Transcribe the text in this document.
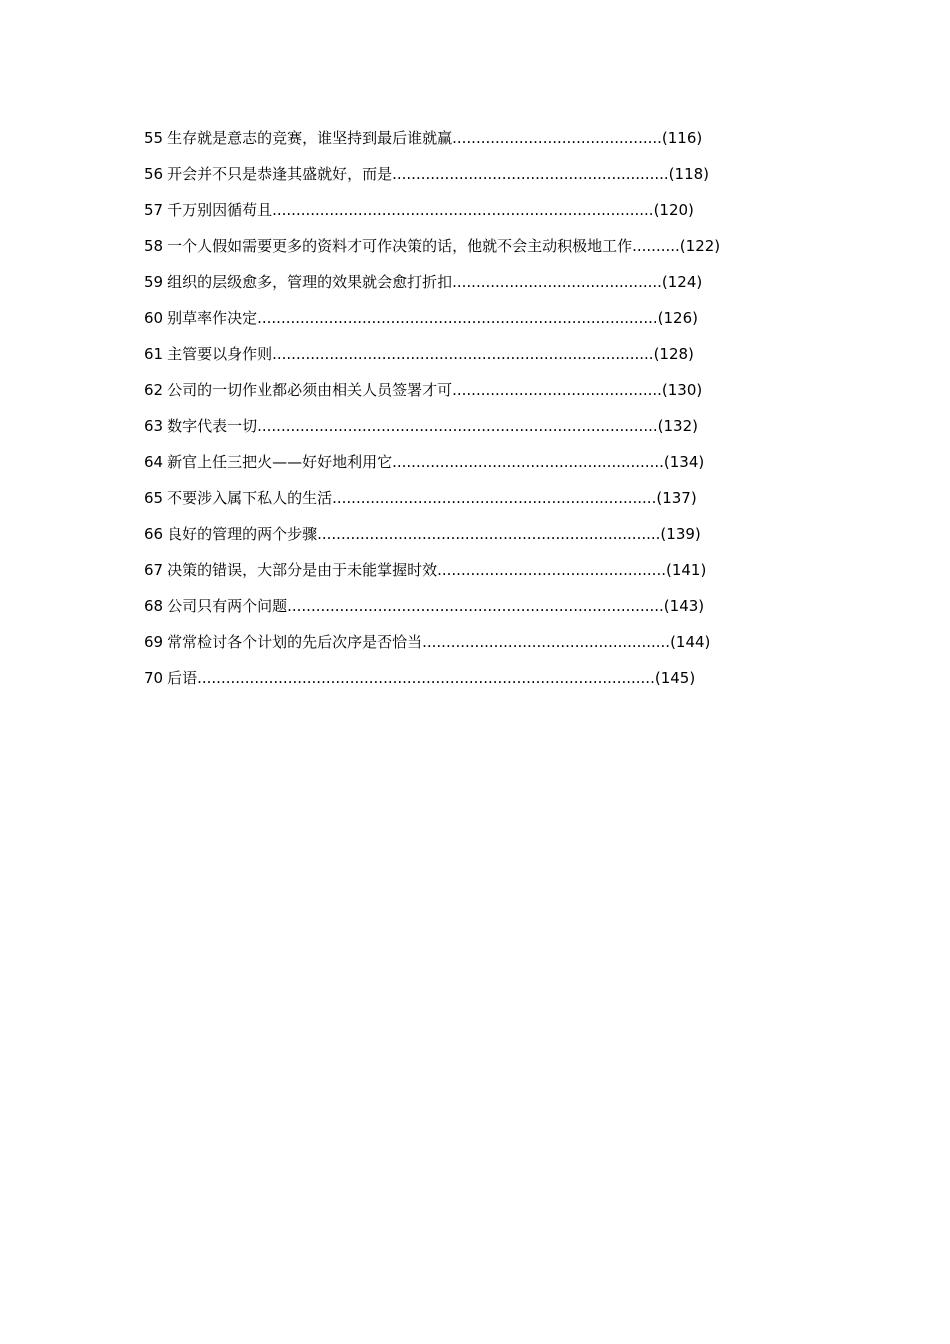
55 生存就是意志的竞赛，谁坚持到最后谁就赢............................................(116)
56 开会并不只是恭逢其盛就好，而是..........................................................(118)
57 千万别因循苟且................................................................................(120)
58 一个人假如需要更多的资料才可作决策的话，他就不会主动积极地工作..........(122)
59 组织的层级愈多，管理的效果就会愈打折扣............................................(124)
60 别草率作决定....................................................................................(126)
61 主管要以身作则................................................................................(128)
62 公司的一切作业都必须由相关人员签署才可............................................(130)
63 数字代表一切....................................................................................(132)
64 新官上任三把火——好好地利用它.........................................................(134)
65 不要涉入属下私人的生活....................................................................(137)
66 良好的管理的两个步骤........................................................................(139)
67 决策的错误，大部分是由于未能掌握时效................................................(141)
68 公司只有两个问题...............................................................................(143)
69 常常检讨各个计划的先后次序是否恰当....................................................(144)
70 后语................................................................................................(145)
